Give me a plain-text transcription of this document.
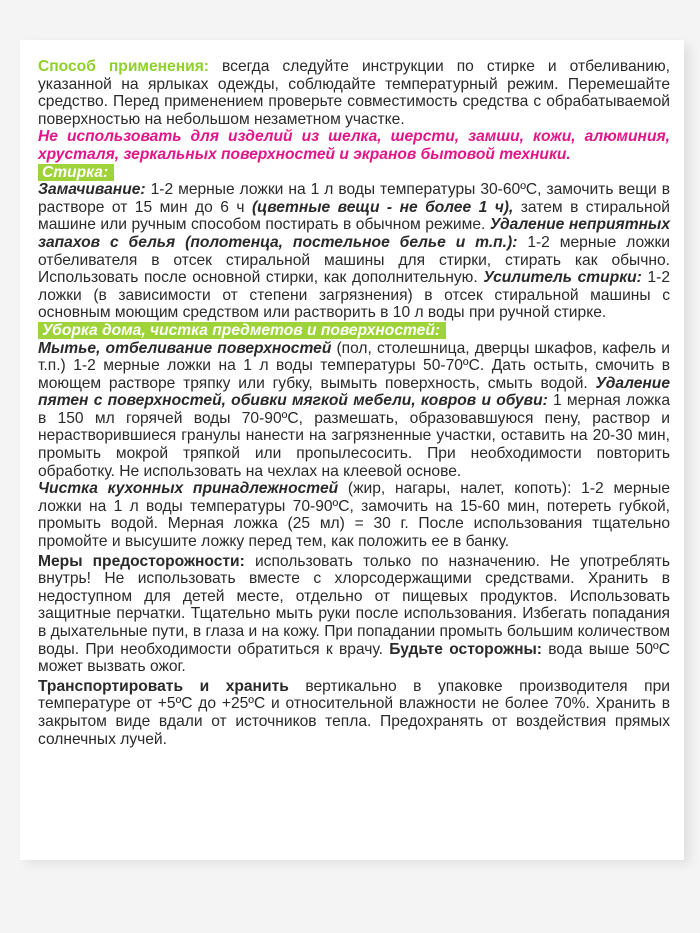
Способ применения: всегда следуйте инструкции по стирке и отбеливанию, указанной на ярлыках одежды, соблюдайте температурный режим. Перемешайте средство. Перед применением проверьте совместимость средства с обрабатываемой поверхностью на небольшом незаметном участке.

Не использовать для изделий из шелка, шерсти, замши, кожи, алюминия, хрусталя, зеркальных поверхностей и экранов бытовой техники.

Стирка:

Замачивание: 1-2 мерные ложки на 1 л воды температуры 30-60ºС, замочить вещи в растворе от 15 мин до 6 ч (цветные вещи - не более 1 ч), затем в стиральной машине или ручным способом постирать в обычном режиме. Удаление неприятных запахов с белья (полотенца, постельное белье и т.п.): 1-2 мерные ложки отбеливателя в отсек стиральной машины для стирки, стирать как обычно. Использовать после основной стирки, как дополнительную. Усилитель стирки: 1-2 ложки (в зависимости от степени загрязнения) в отсек стиральной машины с основным моющим средством или растворить в 10 л воды при ручной стирке.

Уборка дома, чистка предметов и поверхностей:

Мытье, отбеливание поверхностей (пол, столешница, дверцы шкафов, кафель и т.п.) 1-2 мерные ложки на 1 л воды температуры 50-70ºС. Дать остыть, смочить в моющем растворе тряпку или губку, вымыть поверхность, смыть водой. Удаление пятен с поверхностей, обивки мягкой мебели, ковров и обуви: 1 мерная ложка в 150 мл горячей воды 70-90ºС, размешать, образовавшуюся пену, раствор и нерастворившиеся гранулы нанести на загрязненные участки, оставить на 20-30 мин, промыть мокрой тряпкой или пропылесосить. При необходимости повторить обработку. Не использовать на чехлах на клеевой основе.

Чистка кухонных принадлежностей (жир, нагары, налет, копоть): 1-2 мерные ложки на 1 л воды температуры 70-90ºС, замочить на 15-60 мин, потереть губкой, промыть водой. Мерная ложка (25 мл) = 30 г. После использования тщательно промойте и высушите ложку перед тем, как положить ее в банку.

Меры предосторожности: использовать только по назначению. Не употреблять внутрь! Не использовать вместе с хлорсодержащими средствами. Хранить в недоступном для детей месте, отдельно от пищевых продуктов. Использовать защитные перчатки. Тщательно мыть руки после использования. Избегать попадания в дыхательные пути, в глаза и на кожу. При попадании промыть большим количеством воды. При необходимости обратиться к врачу. Будьте осторожны: вода выше 50ºС может вызвать ожог.

Транспортировать и хранить вертикально в упаковке производителя при температуре от +5ºС до +25ºС и относительной влажности не более 70%. Хранить в закрытом виде вдали от источников тепла. Предохранять от воздействия прямых солнечных лучей.
